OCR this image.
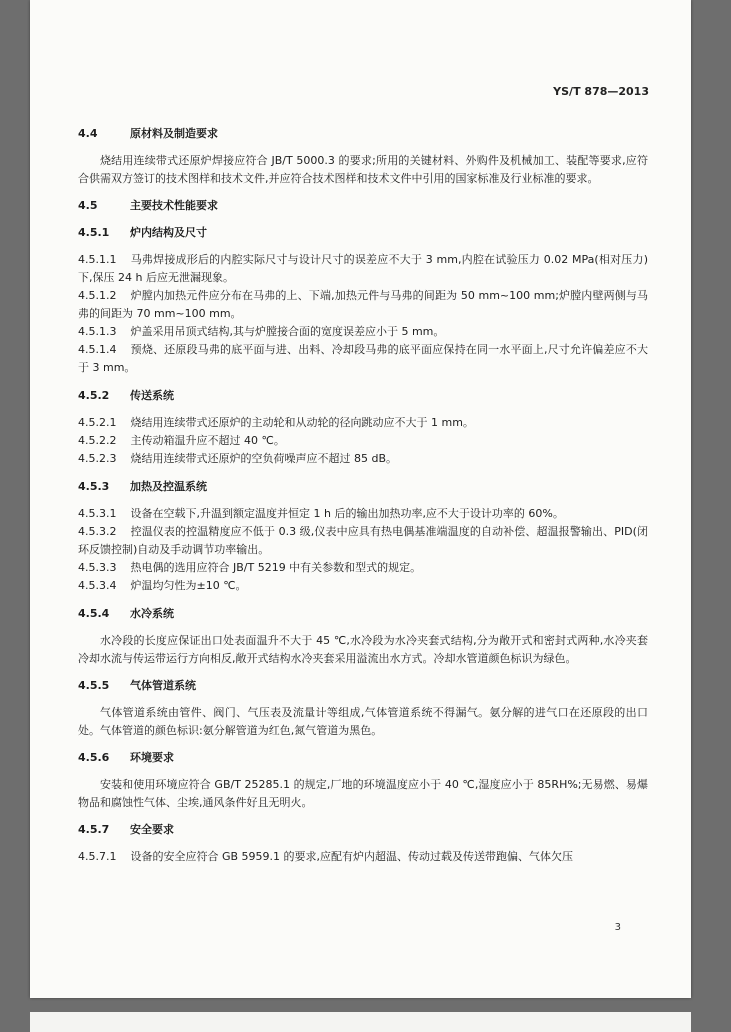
YS/T 878—2013
4.4	原材料及制造要求

烧结用连续带式还原炉焊接应符合 JB/T 5000.3 的要求;所用的关键材料、外购件及机械加工、装配等要求,应符合供需双方签订的技术图样和技术文件,并应符合技术图样和技术文件中引用的国家标准及行业标准的要求。

4.5	主要技术性能要求
4.5.1 炉内结构及尺寸

4.5.1.1 马弗焊接成形后的内腔实际尺寸与设计尺寸的误差应不大于 3 mm,内腔在试验压力 0.02 MPa(相对压力)下,保压 24 h 后应无泄漏现象。

4.5.1.2 炉膛内加热元件应分布在马弗的上、下端,加热元件与马弗的间距为 50 mm~100 mm;炉膛内壁两侧与马弗的间距为 70 mm~100 mm。

4.5.1.3 炉盖采用吊顶式结构,其与炉膛接合面的宽度误差应小于 5 mm。

4.5.1.4 预烧、还原段马弗的底平面与进、出料、冷却段马弗的底平面应保持在同一水平面上,尺寸允许偏差应不大于 3 mm。

4.5.2 传送系统

4.5.2.1 烧结用连续带式还原炉的主动轮和从动轮的径向跳动应不大于 1 mm。

4.5.2.2 主传动箱温升应不超过 40 ℃。

4.5.2.3 烧结用连续带式还原炉的空负荷噪声应不超过 85 dB。

4.5.3 加热及控温系统

4.5.3.1 设备在空载下,升温到额定温度并恒定 1 h 后的输出加热功率,应不大于设计功率的 60%。

4.5.3.2 控温仪表的控温精度应不低于 0.3 级,仪表中应具有热电偶基准端温度的自动补偿、超温报警输出、PID(闭环反馈控制)自动及手动调节功率输出。

4.5.3.3 热电偶的选用应符合 JB/T 5219 中有关参数和型式的规定。

4.5.3.4 炉温均匀性为±10 ℃。

4.5.4 水冷系统

水冷段的长度应保证出口处表面温升不大于 45 ℃,水冷段为水冷夹套式结构,分为敞开式和密封式两种,水冷夹套冷却水流与传运带运行方向相反,敞开式结构水冷夹套采用溢流出水方式。冷却水管道颜色标识为绿色。

4.5.5 气体管道系统

气体管道系统由管件、阀门、气压表及流量计等组成,气体管道系统不得漏气。氨分解的进气口在还原段的出口处。气体管道的颜色标识:氨分解管道为红色,氮气管道为黑色。

4.5.6 环境要求

安装和使用环境应符合 GB/T 25285.1 的规定,厂地的环境温度应小于 40 ℃,湿度应小于 85RH%;无易燃、易爆物品和腐蚀性气体、尘埃,通风条件好且无明火。

4.5.7 安全要求

4.5.7.1 设备的安全应符合 GB 5959.1 的要求,应配有炉内超温、传动过载及传送带跑偏、气体欠压

3
